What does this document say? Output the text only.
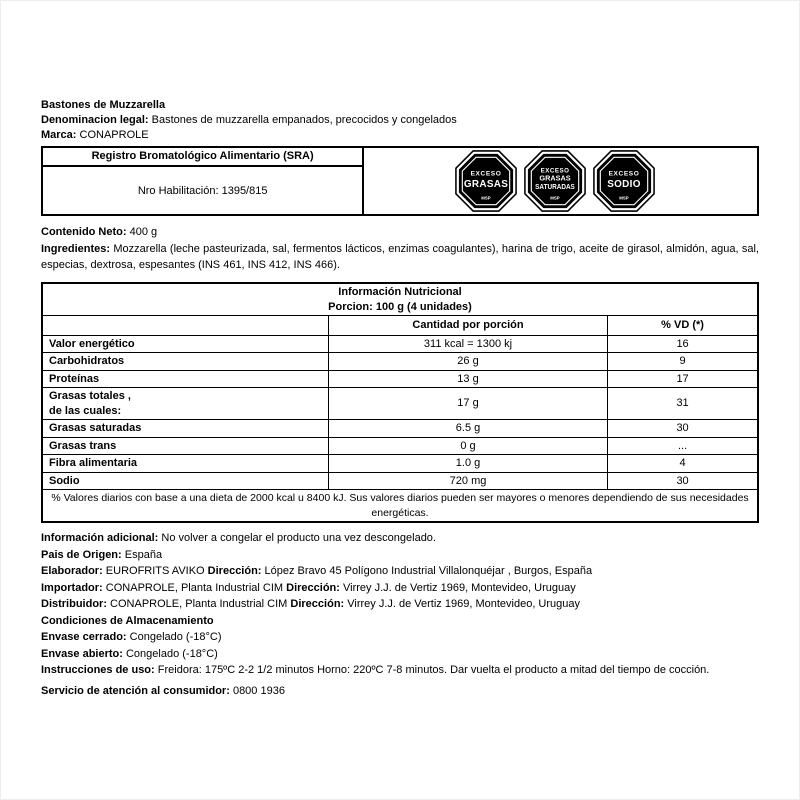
Bastones de Muzzarella
Denominacion legal: Bastones de muzzarella empanados, precocidos y congelados
Marca: CONAPROLE
Registro Bromatológico Alimentario (SRA)
Nro Habilitación: 1395/815
EXCESO
GRASAS
MSP
EXCESO
GRASAS
SATURADAS
MSP
EXCESO
SODIO
MSP
Contenido Neto: 400 g
Ingredientes: Mozzarella (leche pasteurizada, sal, fermentos lácticos, enzimas coagulantes), harina de trigo, aceite de girasol, almidón, agua, sal, especias, dextrosa, espesantes (INS 461, INS 412, INS 466).
Información Nutricional
Porcion: 100 g (4 unidades)		

	Cantidad por porción	% VD (*)
Valor energético	311 kcal = 1300 kj	16
Carbohidratos	26 g	9
Proteínas	13 g	17

Grasas totales ,
de las cuales:	17 g	31
Grasas saturadas	6.5 g	30
Grasas trans	0 g	...
Fibra alimentaria	1.0 g	4
Sodio	720 mg	30
% Valores diarios con base a una dieta de 2000 kcal u 8400 kJ. Sus valores diarios pueden ser mayores o menores dependiendo de sus necesidades energéticas.		
Información adicional: No volver a congelar el producto una vez descongelado.
Pais de Origen: España
Elaborador: EUROFRITS AVIKO Dirección: López Bravo 45 Polígono Industrial Villalonquéjar , Burgos, España
Importador: CONAPROLE, Planta Industrial CIM Dirección: Virrey J.J. de Vertiz 1969, Montevideo, Uruguay
Distribuidor: CONAPROLE, Planta Industrial CIM Dirección: Virrey J.J. de Vertiz 1969, Montevideo, Uruguay
Condiciones de Almacenamiento
Envase cerrado: Congelado (-18°C)
Envase abierto: Congelado (-18°C)
Instrucciones de uso: Freidora: 175ºC 2-2 1/2 minutos Horno: 220ºC 7-8 minutos. Dar vuelta el producto a mitad del tiempo de cocción.
Servicio de atención al consumidor: 0800 1936
